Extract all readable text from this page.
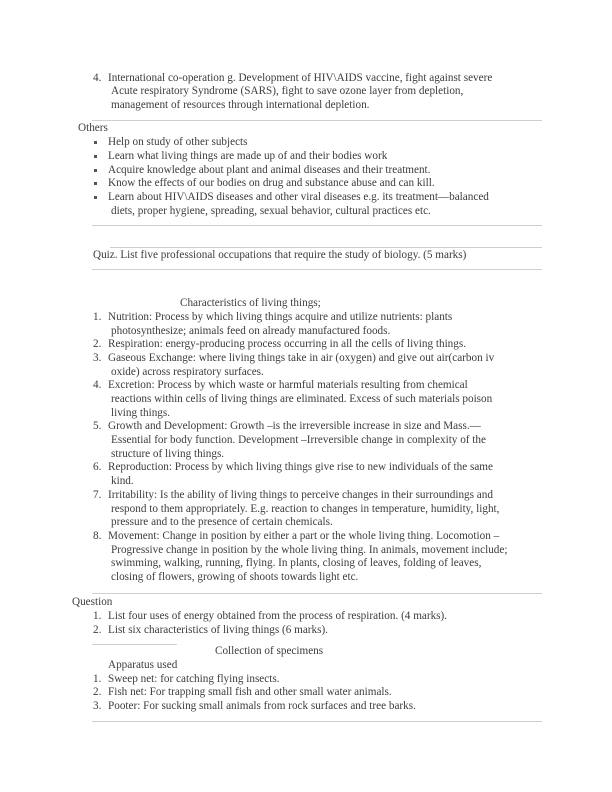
4. International co-operation g. Development of HIV\AIDS vaccine, fight against severe
Acute respiratory Syndrome (SARS), fight to save ozone layer from depletion,
management of resources through international depletion.
Others
Help on study of other subjects
Learn what living things are made up of and their bodies work
Acquire knowledge about plant and animal diseases and their treatment.
Know the effects of our bodies on drug and substance abuse and can kill.
Learn about HIV\AIDS diseases and other viral diseases e.g. its treatment—balanced
diets, proper hygiene, spreading, sexual behavior, cultural practices etc.
Quiz. List five professional occupations that require the study of biology. (5 marks)
Characteristics of living things;
1. Nutrition: Process by which living things acquire and utilize nutrients: plants
photosynthesize; animals feed on already manufactured foods.
2. Respiration: energy-producing process occurring in all the cells of living things.
3. Gaseous Exchange: where living things take in air (oxygen) and give out air(carbon iv
oxide) across respiratory surfaces.
4. Excretion: Process by which waste or harmful materials resulting from chemical
reactions within cells of living things are eliminated. Excess of such materials poison
living things.
5. Growth and Development: Growth –is the irreversible increase in size and Mass.—
Essential for body function. Development –Irreversible change in complexity of the
structure of living things.
6. Reproduction: Process by which living things give rise to new individuals of the same
kind.
7. Irritability: Is the ability of living things to perceive changes in their surroundings and
respond to them appropriately. E.g. reaction to changes in temperature, humidity, light,
pressure and to the presence of certain chemicals.
8. Movement: Change in position by either a part or the whole living thing. Locomotion –
Progressive change in position by the whole living thing. In animals, movement include;
swimming, walking, running, flying. In plants, closing of leaves, folding of leaves,
closing of flowers, growing of shoots towards light etc.
Question
1. List four uses of energy obtained from the process of respiration. (4 marks).
2. List six characteristics of living things (6 marks).
Collection of specimens
Apparatus used
1. Sweep net: for catching flying insects.
2. Fish net: For trapping small fish and other small water animals.
3. Pooter: For sucking small animals from rock surfaces and tree barks.
